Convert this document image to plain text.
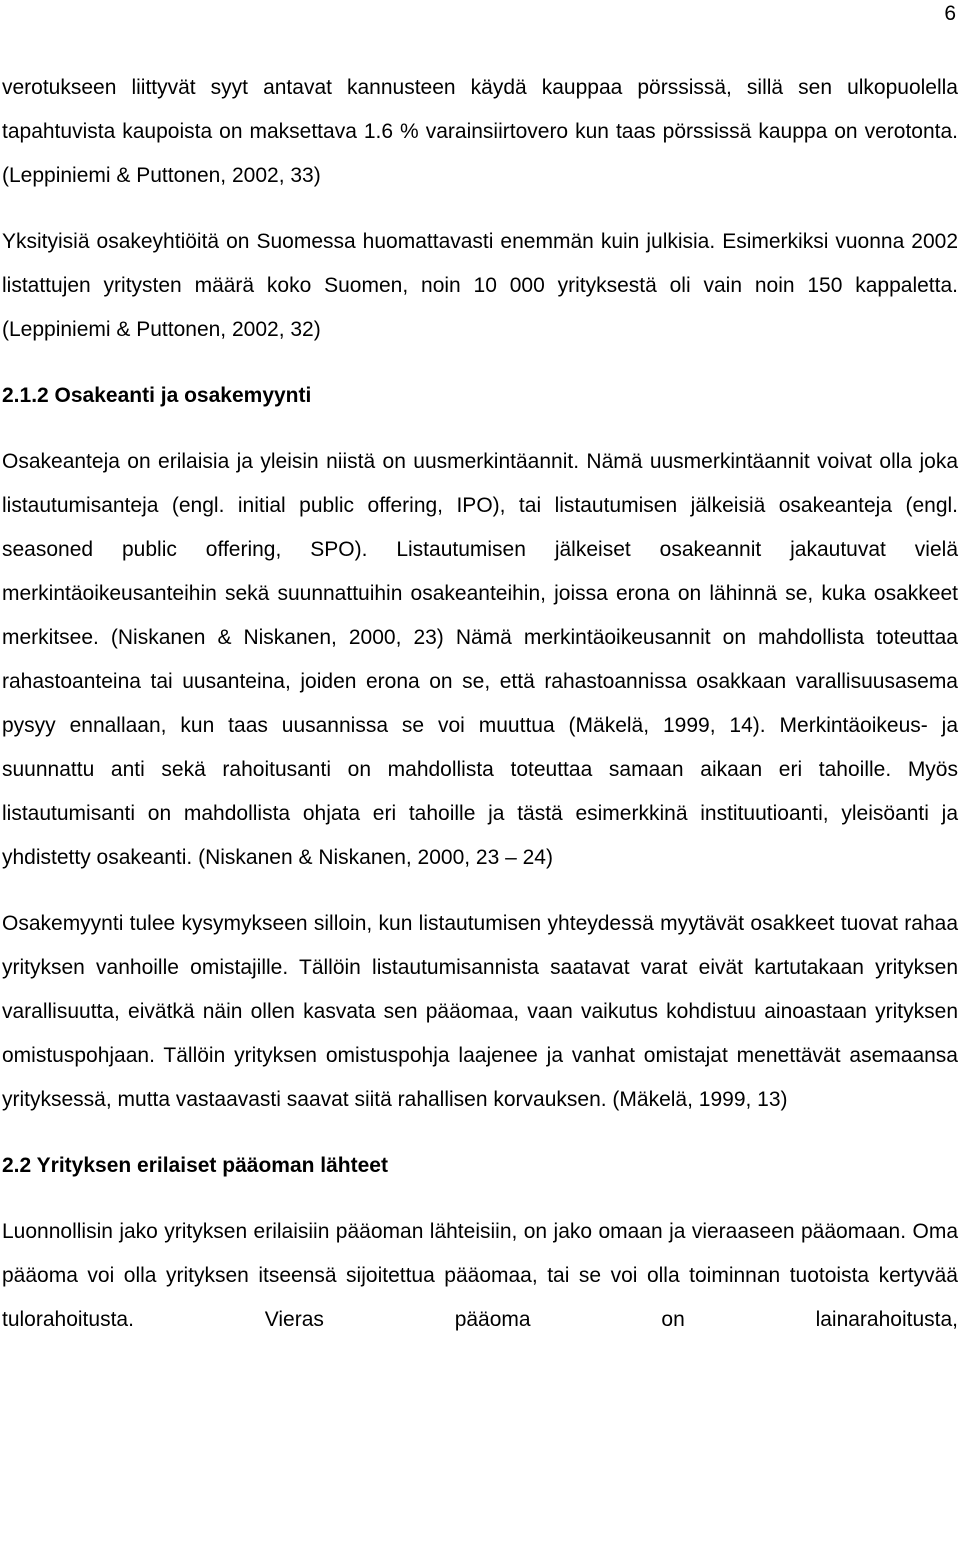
6

verotukseen liittyvät syyt antavat kannusteen käydä kauppaa pörssissä, sillä sen ulkopuolella tapahtuvista kaupoista on maksettava 1.6 % varainsiirtovero kun taas pörssissä kauppa on verotonta. (Leppiniemi & Puttonen, 2002, 33)

Yksityisiä osakeyhtiöitä on Suomessa huomattavasti enemmän kuin julkisia. Esimerkiksi vuonna 2002 listattujen yritysten määrä koko Suomen, noin 10 000 yrityksestä oli vain noin 150 kappaletta. (Leppiniemi & Puttonen, 2002, 32)

2.1.2 Osakeanti ja osakemyynti

Osakeanteja on erilaisia ja yleisin niistä on uusmerkintäannit. Nämä uusmerkintäannit voivat olla joka listautumisanteja (engl. initial public offering, IPO), tai listautumisen jälkeisiä osakeanteja (engl. seasoned public offering, SPO). Listautumisen jälkeiset osakeannit jakautuvat vielä merkintäoikeusanteihin sekä suunnattuihin osakeanteihin, joissa erona on lähinnä se, kuka osakkeet merkitsee. (Niskanen & Niskanen, 2000, 23) Nämä merkintäoikeusannit on mahdollista toteuttaa rahastoanteina tai uusanteina, joiden erona on se, että rahastoannissa osakkaan varallisuusasema pysyy ennallaan, kun taas uusannissa se voi muuttua (Mäkelä, 1999, 14). Merkintäoikeus- ja suunnattu anti sekä rahoitusanti on mahdollista toteuttaa samaan aikaan eri tahoille. Myös listautumisanti on mahdollista ohjata eri tahoille ja tästä esimerkkinä instituutioanti, yleisöanti ja yhdistetty osakeanti. (Niskanen & Niskanen, 2000, 23 – 24)

Osakemyynti tulee kysymykseen silloin, kun listautumisen yhteydessä myytävät osakkeet tuovat rahaa yrityksen vanhoille omistajille. Tällöin listautumisannista saatavat varat eivät kartutakaan yrityksen varallisuutta, eivätkä näin ollen kasvata sen pääomaa, vaan vaikutus kohdistuu ainoastaan yrityksen omistuspohjaan. Tällöin yrityksen omistuspohja laajenee ja vanhat omistajat menettävät asemaansa yrityksessä, mutta vastaavasti saavat siitä rahallisen korvauksen. (Mäkelä, 1999, 13)

2.2 Yrityksen erilaiset pääoman lähteet

Luonnollisin jako yrityksen erilaisiin pääoman lähteisiin, on jako omaan ja vieraaseen pääomaan. Oma pääoma voi olla yrityksen itseensä sijoitettua pääomaa, tai se voi olla toiminnan tuotoista kertyvää tulorahoitusta. Vieras pääoma on lainarahoitusta,
